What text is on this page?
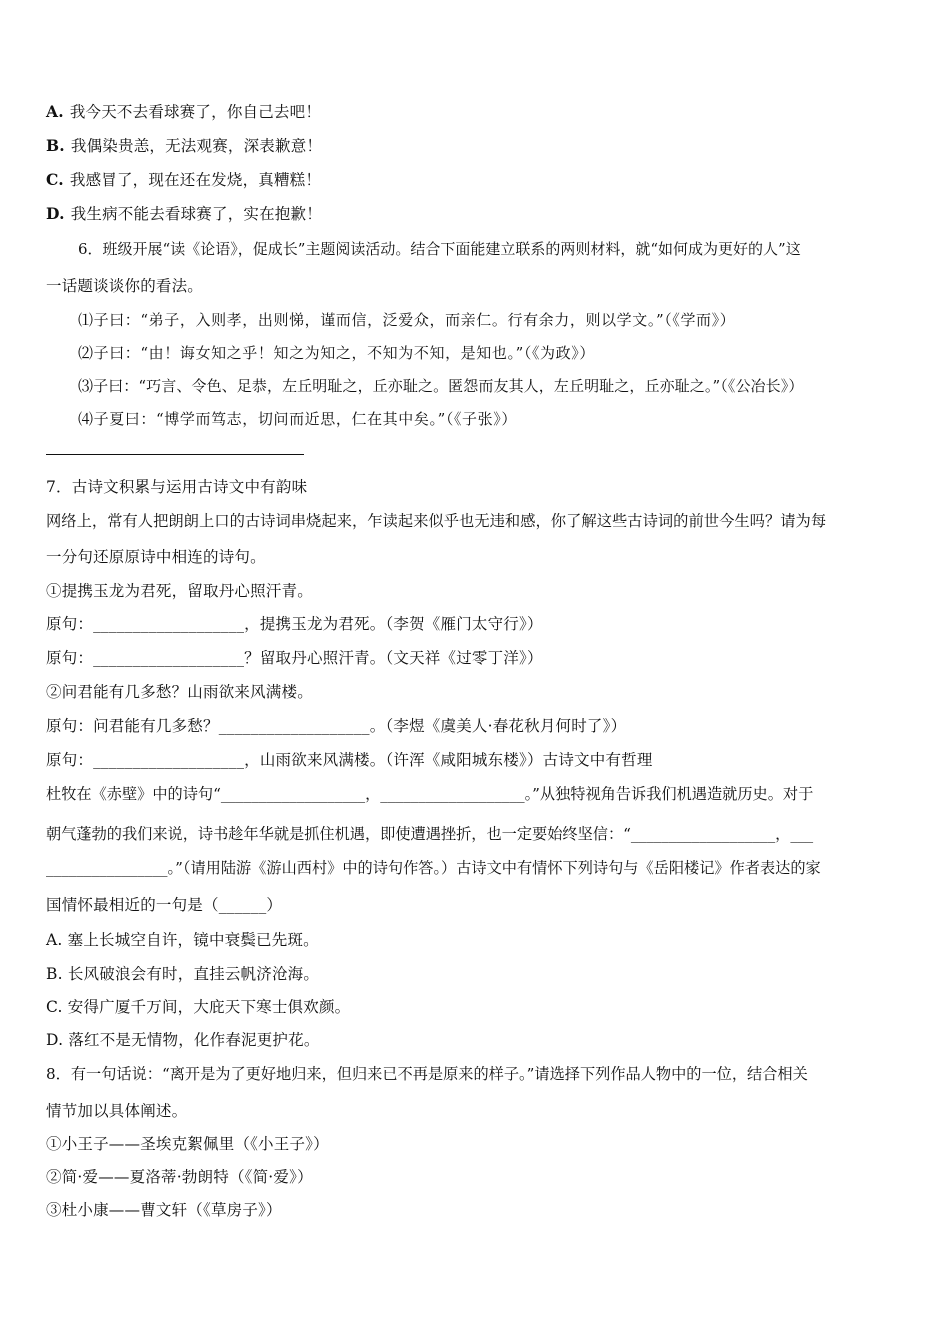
A. 我今天不去看球赛了，你自己去吧！
B. 我偶染贵恙，无法观赛，深表歉意！
C. 我感冒了，现在还在发烧，真糟糕！
D. 我生病不能去看球赛了，实在抱歉！
6．班级开展“读《论语》，促成长”主题阅读活动。结合下面能建立联系的两则材料，就“如何成为更好的人”这
一话题谈谈你的看法。
⑴子曰：“弟子，入则孝，出则悌，谨而信，泛爱众，而亲仁。行有余力，则以学文。”（《学而》）
⑵子曰：“由！诲女知之乎！知之为知之，不知为不知，是知也。”（《为政》）
⑶子曰：“巧言、令色、足恭，左丘明耻之，丘亦耻之。匿怨而友其人，左丘明耻之，丘亦耻之。”（《公冶长》）
⑷子夏曰：“博学而笃志，切问而近思，仁在其中矣。”（《子张》）
7．古诗文积累与运用古诗文中有韵味
网络上，常有人把朗朗上口的古诗词串烧起来，乍读起来似乎也无违和感，你了解这些古诗词的前世今生吗？请为每
一分句还原原诗中相连的诗句。
①提携玉龙为君死，留取丹心照汗青。
原句：___________________，提携玉龙为君死。（李贺《雁门太守行》）
原句：___________________？留取丹心照汗青。（文天祥《过零丁洋》）
②问君能有几多愁？山雨欲来风满楼。
原句：问君能有几多愁？___________________。（李煜《虞美人·春花秋月何时了》）
原句：___________________，山雨欲来风满楼。（许浑《咸阳城东楼》）古诗文中有哲理
杜牧在《赤壁》中的诗句“___________________，___________________。”从独特视角告诉我们机遇造就历史。对于
朝气蓬勃的我们来说，诗书趁年华就是抓住机遇，即使遭遇挫折，也一定要始终坚信：“___________________，___
________________。”（请用陆游《游山西村》中的诗句作答。）古诗文中有情怀下列诗句与《岳阳楼记》作者表达的家
国情怀最相近的一句是（______）
A. 塞上长城空自许，镜中衰鬓已先斑。
B. 长风破浪会有时，直挂云帆济沧海。
C. 安得广厦千万间，大庇天下寒士俱欢颜。
D. 落红不是无情物，化作春泥更护花。
8．有一句话说：“离开是为了更好地归来，但归来已不再是原来的样子。”请选择下列作品人物中的一位，结合相关
情节加以具体阐述。
①小王子——圣埃克絮佩里（《小王子》）
②简·爱——夏洛蒂·勃朗特（《简·爱》）
③杜小康——曹文轩（《草房子》）
